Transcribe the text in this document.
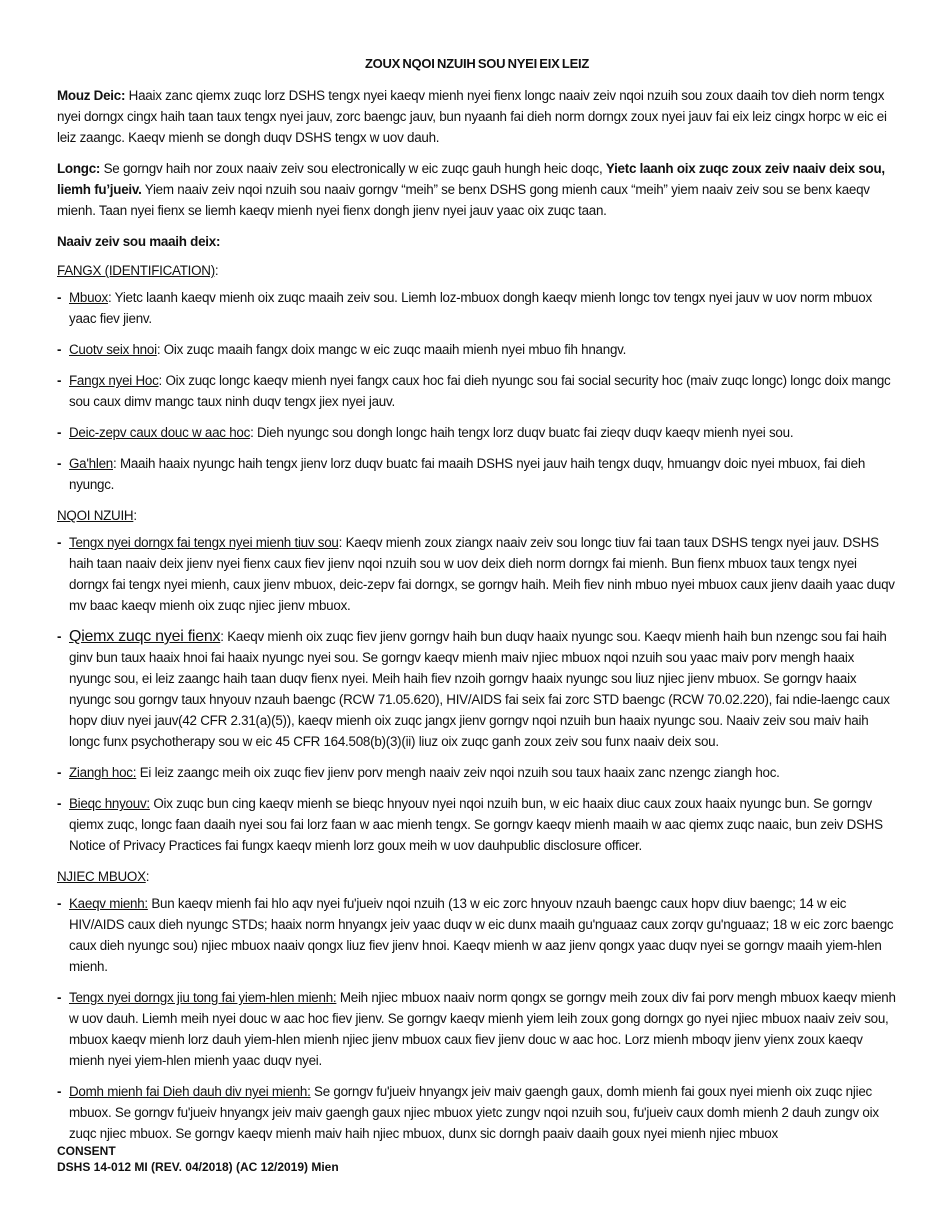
ZOUX NQOI NZUIH SOU NYEI EIX LEIZ

Mouz Deic: Haaix zanc qiemx zuqc lorz DSHS tengx nyei kaeqv mienh nyei fienx longc naaiv zeiv nqoi nzuih sou zoux daaih tov dieh norm tengx nyei dorngx cingx haih taan taux tengx nyei jauv, zorc baengc jauv, bun nyaanh fai dieh norm dorngx zoux nyei jauv fai eix leiz cingx horpc w eic ei leiz zaangc. Kaeqv mienh se dongh duqv DSHS tengx w uov dauh.

Longc: Se gorngv haih nor zoux naaiv zeiv sou electronically w eic zuqc gauh hungh heic doqc, Yietc laanh oix zuqc zoux zeiv naaiv deix sou, liemh fu’jueiv. Yiem naaiv zeiv nqoi nzuih sou naaiv gorngv “meih” se benx DSHS gong mienh caux “meih” yiem naaiv zeiv sou se benx kaeqv mienh. Taan nyei fienx se liemh kaeqv mienh nyei fienx dongh jienv nyei jauv yaac oix zuqc taan.

Naaiv zeiv sou maaih deix:
FANGX (IDENTIFICATION):
- Mbuox: Yietc laanh kaeqv mienh oix zuqc maaih zeiv sou. Liemh loz-mbuox dongh kaeqv mienh longc tov tengx nyei jauv w uov norm mbuox yaac fiev jienv.
- Cuotv seix hnoi: Oix zuqc maaih fangx doix mangc w eic zuqc maaih mienh nyei mbuo fih hnangv.
- Fangx nyei Hoc: Oix zuqc longc kaeqv mienh nyei fangx caux hoc fai dieh nyungc sou fai social security hoc (maiv zuqc longc) longc doix mangc sou caux dimv mangc taux ninh duqv tengx jiex nyei jauv.
- Deic-zepv caux douc w aac hoc: Dieh nyungc sou dongh longc haih tengx lorz duqv buatc fai zieqv duqv kaeqv mienh nyei sou.
- Ga'hlen: Maaih haaix nyungc haih tengx jienv lorz duqv buatc fai maaih DSHS nyei jauv haih tengx duqv, hmuangv doic nyei mbuox, fai dieh nyungc.
NQOI NZUIH:
- Tengx nyei dorngx fai tengx nyei mienh tiuv sou: Kaeqv mienh zoux ziangx naaiv zeiv sou longc tiuv fai taan taux DSHS tengx nyei jauv. DSHS haih taan naaiv deix jienv nyei fienx caux fiev jienv nqoi nzuih sou w uov deix dieh norm dorngx fai mienh. Bun fienx mbuox taux tengx nyei dorngx fai tengx nyei mienh, caux jienv mbuox, deic-zepv fai dorngx, se gorngv haih. Meih fiev ninh mbuo nyei mbuox caux jienv daaih yaac duqv mv baac kaeqv mienh oix zuqc njiec jienv mbuox.
- Qiemx zuqc nyei fienx: Kaeqv mienh oix zuqc fiev jienv gorngv haih bun duqv haaix nyungc sou. Kaeqv mienh haih bun nzengc sou fai haih ginv bun taux haaix hnoi fai haaix nyungc nyei sou. Se gorngv kaeqv mienh maiv njiec mbuox nqoi nzuih sou yaac maiv porv mengh haaix nyungc sou, ei leiz zaangc haih taan duqv fienx nyei. Meih haih fiev nzoih gorngv haaix nyungc sou liuz njiec jienv mbuox. Se gorngv haaix nyungc sou gorngv taux hnyouv nzauh baengc (RCW 71.05.620), HIV/AIDS fai seix fai zorc STD baengc (RCW 70.02.220), fai ndie-laengc caux hopv diuv nyei jauv(42 CFR 2.31(a)(5)), kaeqv mienh oix zuqc jangx jienv gorngv nqoi nzuih bun haaix nyungc sou. Naaiv zeiv sou maiv haih longc funx psychotherapy sou w eic 45 CFR 164.508(b)(3)(ii) liuz oix zuqc ganh zoux zeiv sou funx naaiv deix sou.
- Ziangh hoc: Ei leiz zaangc meih oix zuqc fiev jienv porv mengh naaiv zeiv nqoi nzuih sou taux haaix zanc nzengc ziangh hoc.
- Bieqc hnyouv: Oix zuqc bun cing kaeqv mienh se bieqc hnyouv nyei nqoi nzuih bun, w eic haaix diuc caux zoux haaix nyungc bun. Se gorngv qiemx zuqc, longc faan daaih nyei sou fai lorz faan w aac mienh tengx. Se gorngv kaeqv mienh maaih w aac qiemx zuqc naaic, bun zeiv DSHS Notice of Privacy Practices fai fungx kaeqv mienh lorz goux meih w uov dauhpublic disclosure officer.
NJIEC MBUOX:
- Kaeqv mienh: Bun kaeqv mienh fai hlo aqv nyei fu'jueiv nqoi nzuih (13 w eic zorc hnyouv nzauh baengc caux hopv diuv baengc; 14 w eic HIV/AIDS caux dieh nyungc STDs; haaix norm hnyangx jeiv yaac duqv w eic dunx maaih gu'nguaaz caux zorqv gu'nguaaz; 18 w eic zorc baengc caux dieh nyungc sou) njiec mbuox naaiv qongx liuz fiev jienv hnoi. Kaeqv mienh w aaz jienv qongx yaac duqv nyei se gorngv maaih yiem-hlen mienh.
- Tengx nyei dorngx jiu tong fai yiem-hlen mienh: Meih njiec mbuox naaiv norm qongx se gorngv meih zoux div fai porv mengh mbuox kaeqv mienh w uov dauh. Liemh meih nyei douc w aac hoc fiev jienv. Se gorngv kaeqv mienh yiem leih zoux gong dorngx go nyei njiec mbuox naaiv zeiv sou, mbuox kaeqv mienh lorz dauh yiem-hlen mienh njiec jienv mbuox caux fiev jienv douc w aac hoc. Lorz mienh mboqv jienv yienx zoux kaeqv mienh nyei yiem-hlen mienh yaac duqv nyei.
- Domh mienh fai Dieh dauh div nyei mienh: Se gorngv fu'jueiv hnyangx jeiv maiv gaengh gaux, domh mienh fai goux nyei mienh oix zuqc njiec mbuox. Se gorngv fu'jueiv hnyangx jeiv maiv gaengh gaux njiec mbuox yietc zungv nqoi nzuih sou, fu'jueiv caux domh mienh 2 dauh zungv oix zuqc njiec mbuox. Se gorngv kaeqv mienh maiv haih njiec mbuox, dunx sic dorngh paaiv daaih goux nyei mienh njiec mbuox
CONSENT
DSHS 14-012 MI (REV. 04/2018) (AC 12/2019) Mien
